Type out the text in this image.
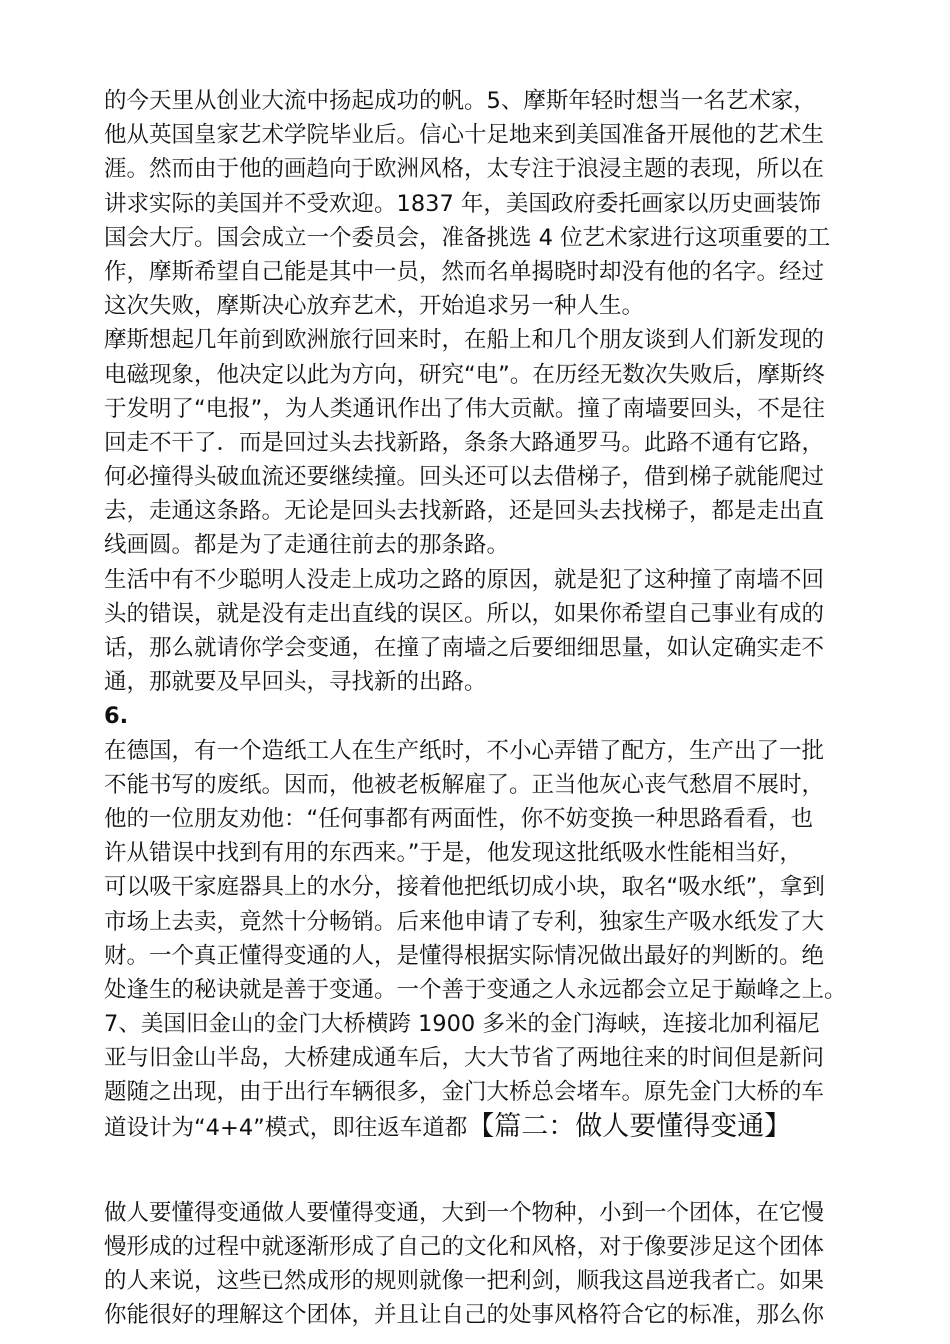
的今天里从创业大流中扬起成功的帆。5、摩斯年轻时想当一名艺术家，
他从英国皇家艺术学院毕业后。信心十足地来到美国准备开展他的艺术生
涯。然而由于他的画趋向于欧洲风格，太专注于浪浸主题的表现，所以在
讲求实际的美国并不受欢迎。1837 年，美国政府委托画家以历史画装饰
国会大厅。国会成立一个委员会，准备挑选 4 位艺术家进行这项重要的工
作，摩斯希望自己能是其中一员，然而名单揭晓时却没有他的名字。经过
这次失败，摩斯决心放弃艺术，开始追求另一种人生。
摩斯想起几年前到欧洲旅行回来时，在船上和几个朋友谈到人们新发现的
电磁现象，他决定以此为方向，研究“电”。在历经无数次失败后，摩斯终
于发明了“电报”，为人类通讯作出了伟大贡献。撞了南墙要回头，不是往
回走不干了．而是回过头去找新路，条条大路通罗马。此路不通有它路，
何必撞得头破血流还要继续撞。回头还可以去借梯子，借到梯子就能爬过
去，走通这条路。无论是回头去找新路，还是回头去找梯子，都是走出直
线画圆。都是为了走通往前去的那条路。
生活中有不少聪明人没走上成功之路的原因，就是犯了这种撞了南墙不回
头的错误，就是没有走出直线的误区。所以，如果你希望自己事业有成的
话，那么就请你学会变通，在撞了南墙之后要细细思量，如认定确实走不
通，那就要及早回头，寻找新的出路。
6.
在德国，有一个造纸工人在生产纸时，不小心弄错了配方，生产出了一批
不能书写的废纸。因而，他被老板解雇了。正当他灰心丧气愁眉不展时，
他的一位朋友劝他：“任何事都有两面性，你不妨变换一种思路看看，也
许从错误中找到有用的东西来。”于是，他发现这批纸吸水性能相当好，
可以吸干家庭器具上的水分，接着他把纸切成小块，取名“吸水纸”，拿到
市场上去卖，竟然十分畅销。后来他申请了专利，独家生产吸水纸发了大
财。一个真正懂得变通的人，是懂得根据实际情况做出最好的判断的。绝
处逢生的秘诀就是善于变通。一个善于变通之人永远都会立足于巅峰之上。
7、美国旧金山的金门大桥横跨 1900 多米的金门海峡，连接北加利福尼
亚与旧金山半岛，大桥建成通车后，大大节省了两地往来的时间但是新问
题随之出现，由于出行车辆很多，金门大桥总会堵车。原先金门大桥的车
道设计为“4+4”模式，即往返车道都【篇二：做人要懂得变通】
做人要懂得变通做人要懂得变通，大到一个物种，小到一个团体，在它慢
慢形成的过程中就逐渐形成了自己的文化和风格，对于像要涉足这个团体
的人来说，这些已然成形的规则就像一把利剑，顺我这昌逆我者亡。如果
你能很好的理解这个团体，并且让自己的处事风格符合它的标准，那么你
